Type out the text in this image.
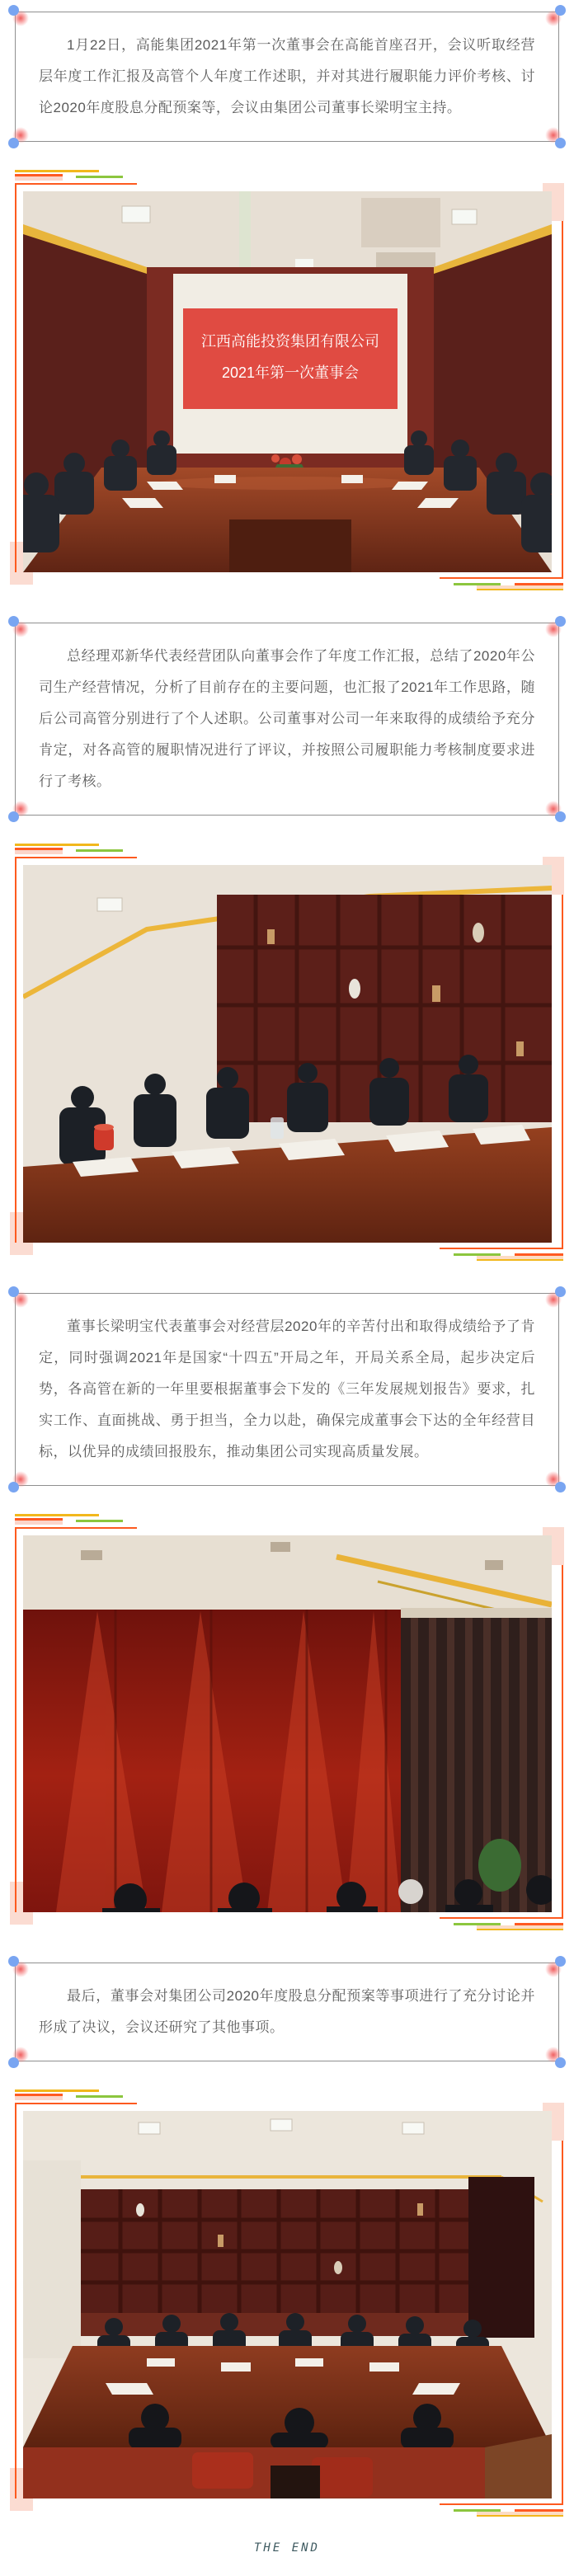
1月22日，高能集团2021年第一次董事会在高能首座召开，会议听取经营层年度工作汇报及高管个人年度工作述职，并对其进行履职能力评价考核、讨论2020年度股息分配预案等，会议由集团公司董事长梁明宝主持。

江西高能投资集团有限公司
2021年第一次董事会

总经理邓新华代表经营团队向董事会作了年度工作汇报，总结了2020年公司生产经营情况，分析了目前存在的主要问题，也汇报了2021年工作思路，随后公司高管分别进行了个人述职。公司董事对公司一年来取得的成绩给予充分肯定，对各高管的履职情况进行了评议，并按照公司履职能力考核制度要求进行了考核。

董事长梁明宝代表董事会对经营层2020年的辛苦付出和取得成绩给予了肯定，同时强调2021年是国家“十四五”开局之年，开局关系全局，起步决定后势，各高管在新的一年里要根据董事会下发的《三年发展规划报告》要求，扎实工作、直面挑战、勇于担当，全力以赴，确保完成董事会下达的全年经营目标，以优异的成绩回报股东，推动集团公司实现高质量发展。

最后，董事会对集团公司2020年度股息分配预案等事项进行了充分讨论并形成了决议，会议还研究了其他事项。

THE END
